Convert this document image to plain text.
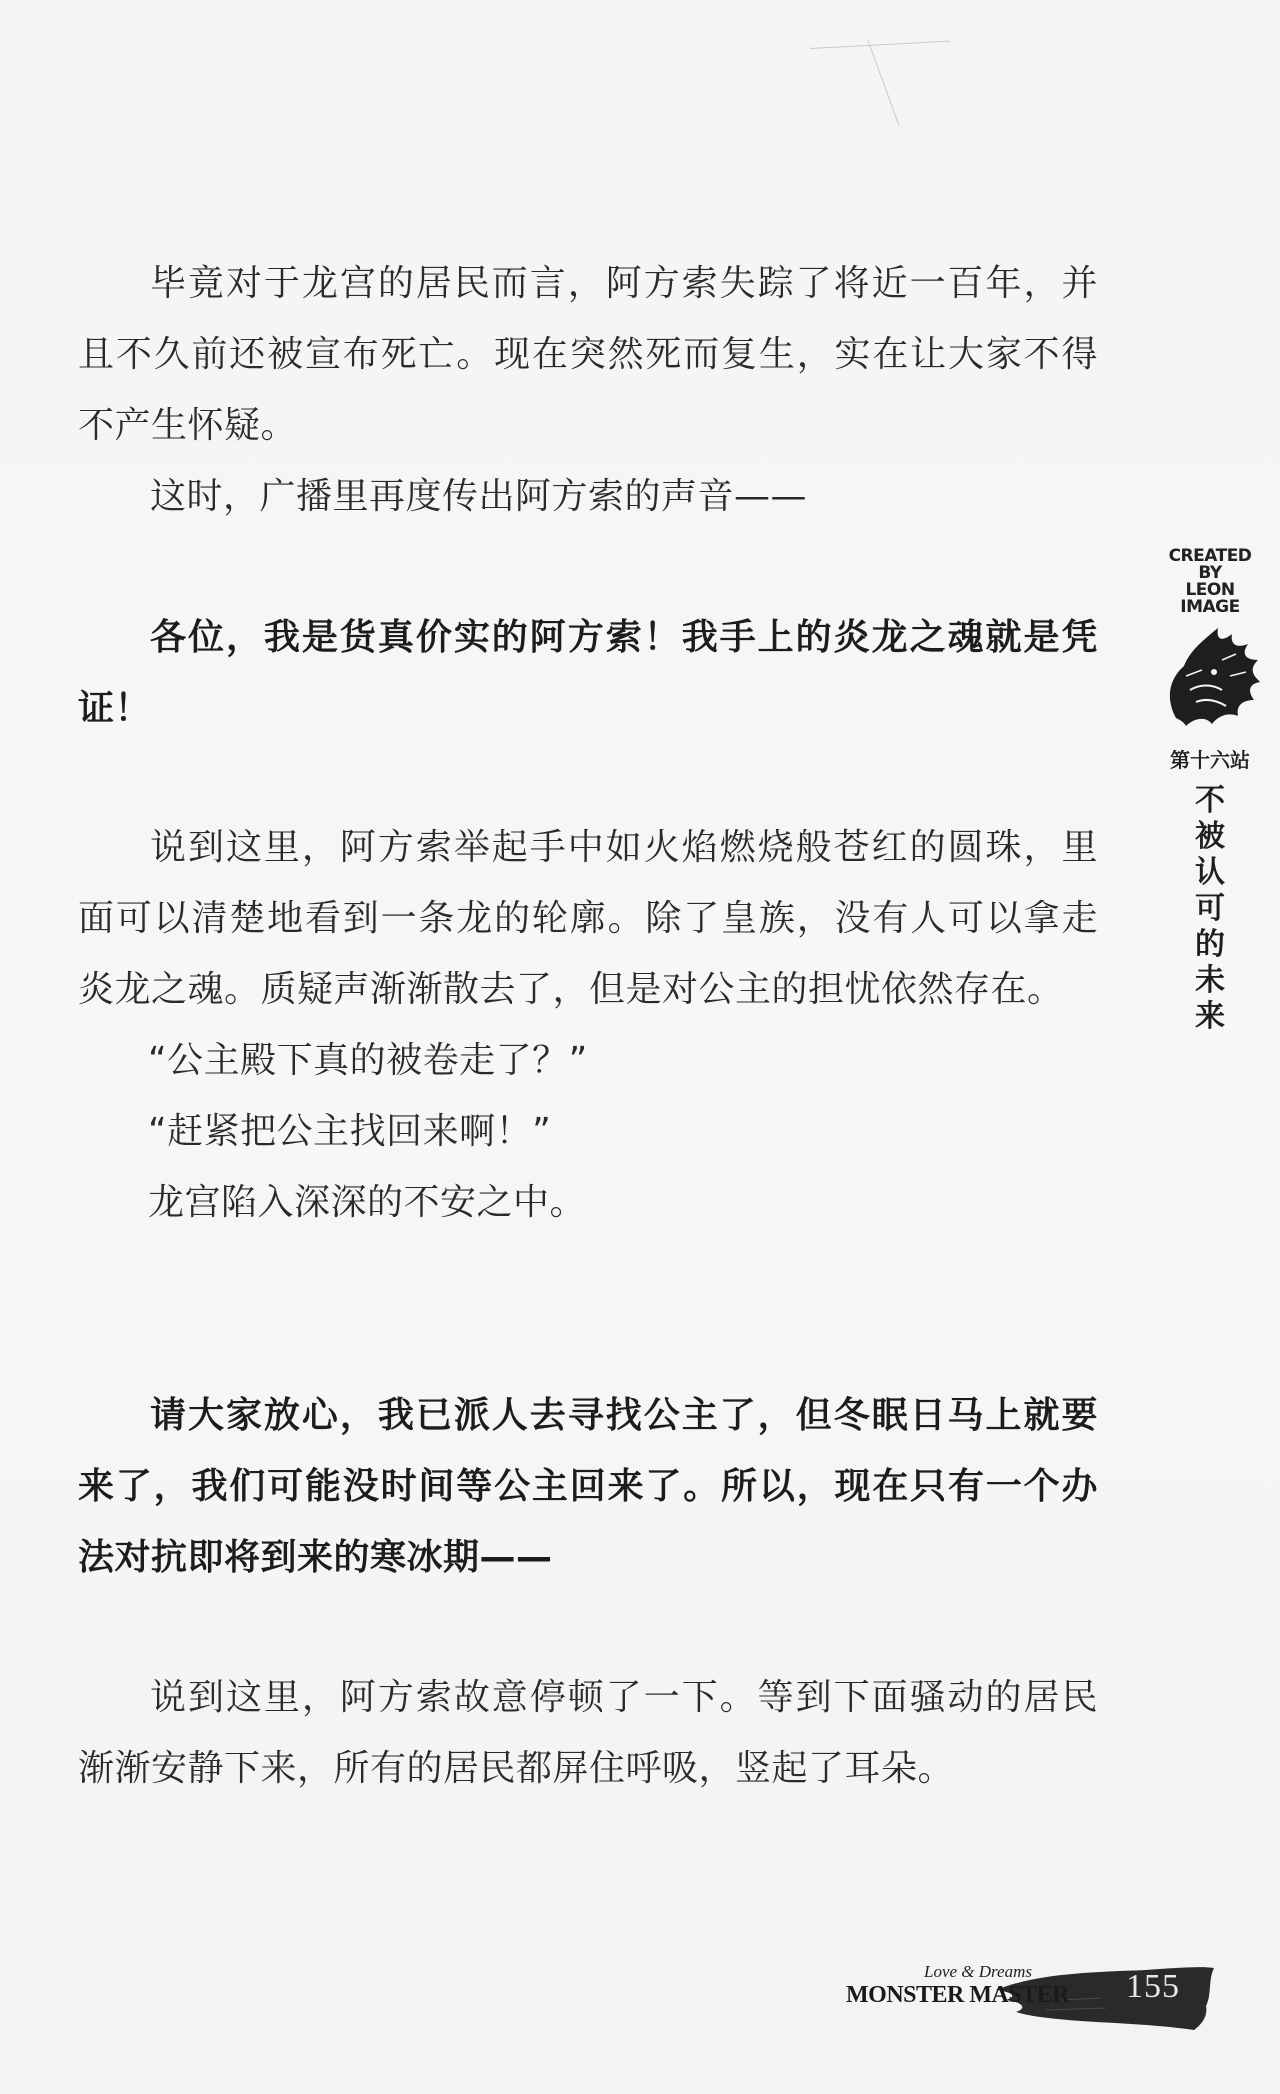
毕竟对于龙宫的居民而言，阿方索失踪了将近一百年，并且不久前还被宣布死亡。现在突然死而复生，实在让大家不得不产生怀疑。

这时，广播里再度传出阿方索的声音——

各位，我是货真价实的阿方索！我手上的炎龙之魂就是凭证！

说到这里，阿方索举起手中如火焰燃烧般苍红的圆珠，里面可以清楚地看到一条龙的轮廓。除了皇族，没有人可以拿走炎龙之魂。质疑声渐渐散去了，但是对公主的担忧依然存在。

“公主殿下真的被卷走了？”

“赶紧把公主找回来啊！”

龙宫陷入深深的不安之中。

请大家放心，我已派人去寻找公主了，但冬眠日马上就要来了，我们可能没时间等公主回来了。所以，现在只有一个办法对抗即将到来的寒冰期——

说到这里，阿方索故意停顿了一下。等到下面骚动的居民渐渐安静下来，所有的居民都屏住呼吸，竖起了耳朵。

CREATED
BY
LEON
IMAGE
第十六站
不被认可的未来
Love & Dreams
MONSTER MASTER 155
